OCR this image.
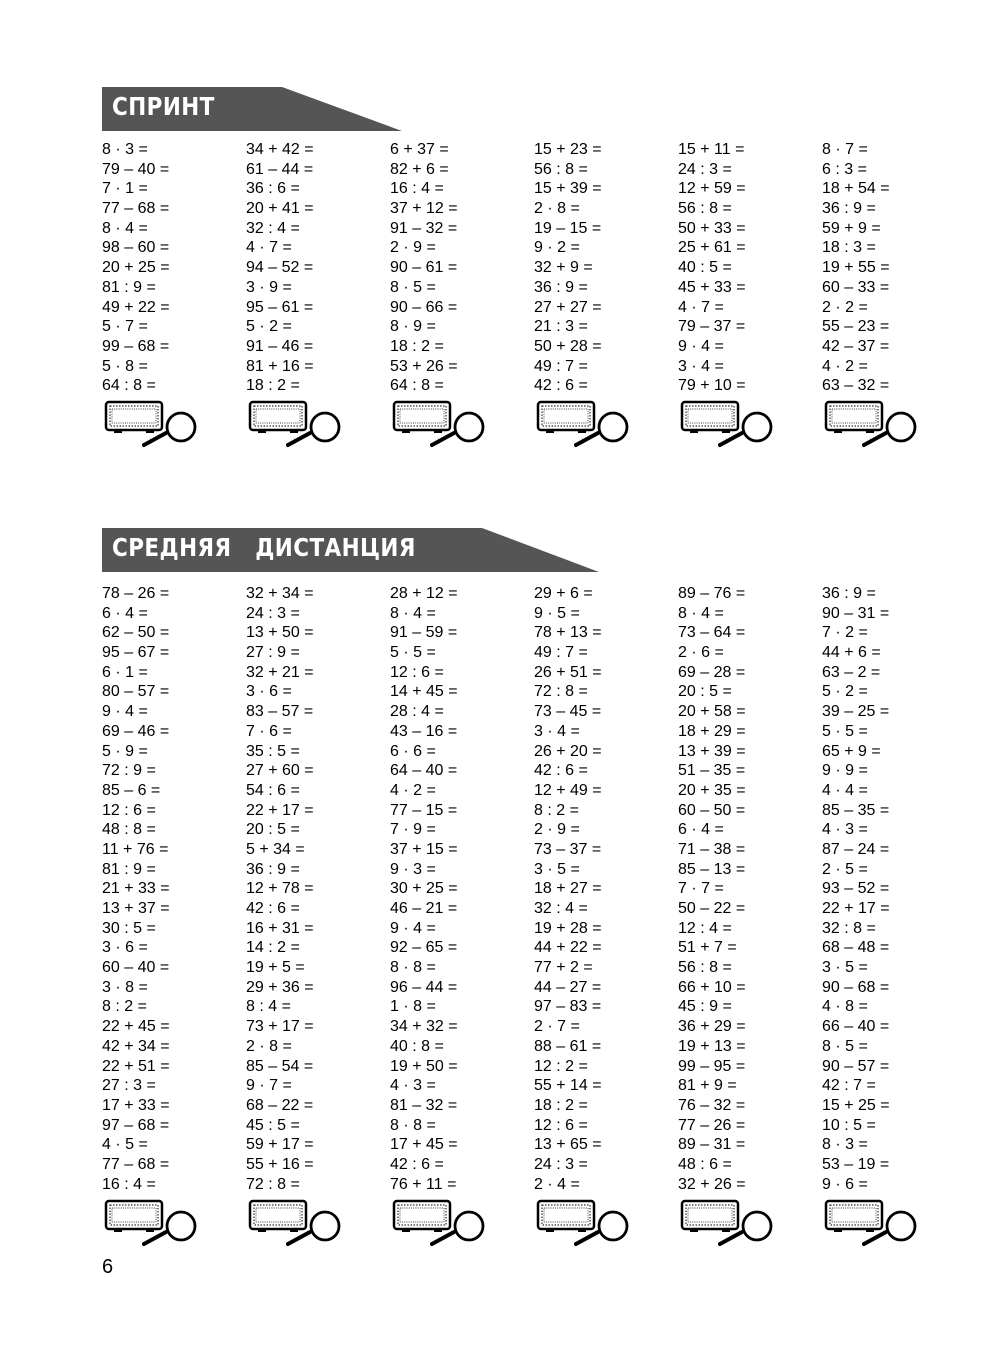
СПРИНТ
СРЕДНЯЯ   ДИСТАНЦИЯ
8 · 3 =
79 – 40 =
7 · 1 =
77 – 68 =
8 · 4 =
98 – 60 =
20 + 25 =
81 : 9 =
49 + 22 =
5 · 7 =
99 – 68 =
5 · 8 =
64 : 8 =
34 + 42 =
61 – 44 =
36 : 6 =
20 + 41 =
32 : 4 =
4 · 7 =
94 – 52 =
3 · 9 =
95 – 61 =
5 · 2 =
91 – 46 =
81 + 16 =
18 : 2 =
6 + 37 =
82 + 6 =
16 : 4 =
37 + 12 =
91 – 32 =
2 · 9 =
90 – 61 =
8 · 5 =
90 – 66 =
8 · 9 =
18 : 2 =
53 + 26 =
64 : 8 =
15 + 23 =
56 : 8 =
15 + 39 =
2 · 8 =
19 – 15 =
9 · 2 =
32 + 9 =
36 : 9 =
27 + 27 =
21 : 3 =
50 + 28 =
49 : 7 =
42 : 6 =
15 + 11 =
24 : 3 =
12 + 59 =
56 : 8 =
50 + 33 =
25 + 61 =
40 : 5 =
45 + 33 =
4 · 7 =
79 – 37 =
9 · 4 =
3 · 4 =
79 + 10 =
8 · 7 =
6 : 3 =
18 + 54 =
36 : 9 =
59 + 9 =
18 : 3 =
19 + 55 =
60 – 33 =
2 · 2 =
55 – 23 =
42 – 37 =
4 · 2 =
63 – 32 =
78 – 26 =
6 · 4 =
62 – 50 =
95 – 67 =
6 · 1 =
80 – 57 =
9 · 4 =
69 – 46 =
5 · 9 =
72 : 9 =
85 – 6 =
12 : 6 =
48 : 8 =
11 + 76 =
81 : 9 =
21 + 33 =
13 + 37 =
30 : 5 =
3 · 6 =
60 – 40 =
3 · 8 =
8 : 2 =
22 + 45 =
42 + 34 =
22 + 51 =
27 : 3 =
17 + 33 =
97 – 68 =
4 · 5 =
77 – 68 =
16 : 4 =
32 + 34 =
24 : 3 =
13 + 50 =
27 : 9 =
32 + 21 =
3 · 6 =
83 – 57 =
7 · 6 =
35 : 5 =
27 + 60 =
54 : 6 =
22 + 17 =
20 : 5 =
5 + 34 =
36 : 9 =
12 + 78 =
42 : 6 =
16 + 31 =
14 : 2 =
19 + 5 =
29 + 36 =
8 : 4 =
73 + 17 =
2 · 8 =
85 – 54 =
9 · 7 =
68 – 22 =
45 : 5 =
59 + 17 =
55 + 16 =
72 : 8 =
28 + 12 =
8 · 4 =
91 – 59 =
5 · 5 =
12 : 6 =
14 + 45 =
28 : 4 =
43 – 16 =
6 · 6 =
64 – 40 =
4 · 2 =
77 – 15 =
7 · 9 =
37 + 15 =
9 · 3 =
30 + 25 =
46 – 21 =
9 · 4 =
92 – 65 =
8 · 8 =
96 – 44 =
1 · 8 =
34 + 32 =
40 : 8 =
19 + 50 =
4 · 3 =
81 – 32 =
8 · 8 =
17 + 45 =
42 : 6 =
76 + 11 =
29 + 6 =
9 · 5 =
78 + 13 =
49 : 7 =
26 + 51 =
72 : 8 =
73 – 45 =
3 · 4 =
26 + 20 =
42 : 6 =
12 + 49 =
8 : 2 =
2 · 9 =
73 – 37 =
3 · 5 =
18 + 27 =
32 : 4 =
19 + 28 =
44 + 22 =
77 + 2 =
44 – 27 =
97 – 83 =
2 · 7 =
88 – 61 =
12 : 2 =
55 + 14 =
18 : 2 =
12 : 6 =
13 + 65 =
24 : 3 =
2 · 4 =
89 – 76 =
8 · 4 =
73 – 64 =
2 · 6 =
69 – 28 =
20 : 5 =
20 + 58 =
18 + 29 =
13 + 39 =
51 – 35 =
20 + 35 =
60 – 50 =
6 · 4 =
71 – 38 =
85 – 13 =
7 · 7 =
50 – 22 =
12 : 4 =
51 + 7 =
56 : 8 =
66 + 10 =
45 : 9 =
36 + 29 =
19 + 13 =
99 – 95 =
81 + 9 =
76 – 32 =
77 – 26 =
89 – 31 =
48 : 6 =
32 + 26 =
36 : 9 =
90 – 31 =
7 · 2 =
44 + 6 =
63 – 2 =
5 · 2 =
39 – 25 =
5 · 5 =
65 + 9 =
9 · 9 =
4 · 4 =
85 – 35 =
4 · 3 =
87 – 24 =
2 · 5 =
93 – 52 =
22 + 17 =
32 : 8 =
68 – 48 =
3 · 5 =
90 – 68 =
4 · 8 =
66 – 40 =
8 · 5 =
90 – 57 =
42 : 7 =
15 + 25 =
10 : 5 =
8 · 3 =
53 – 19 =
9 · 6 =
6
